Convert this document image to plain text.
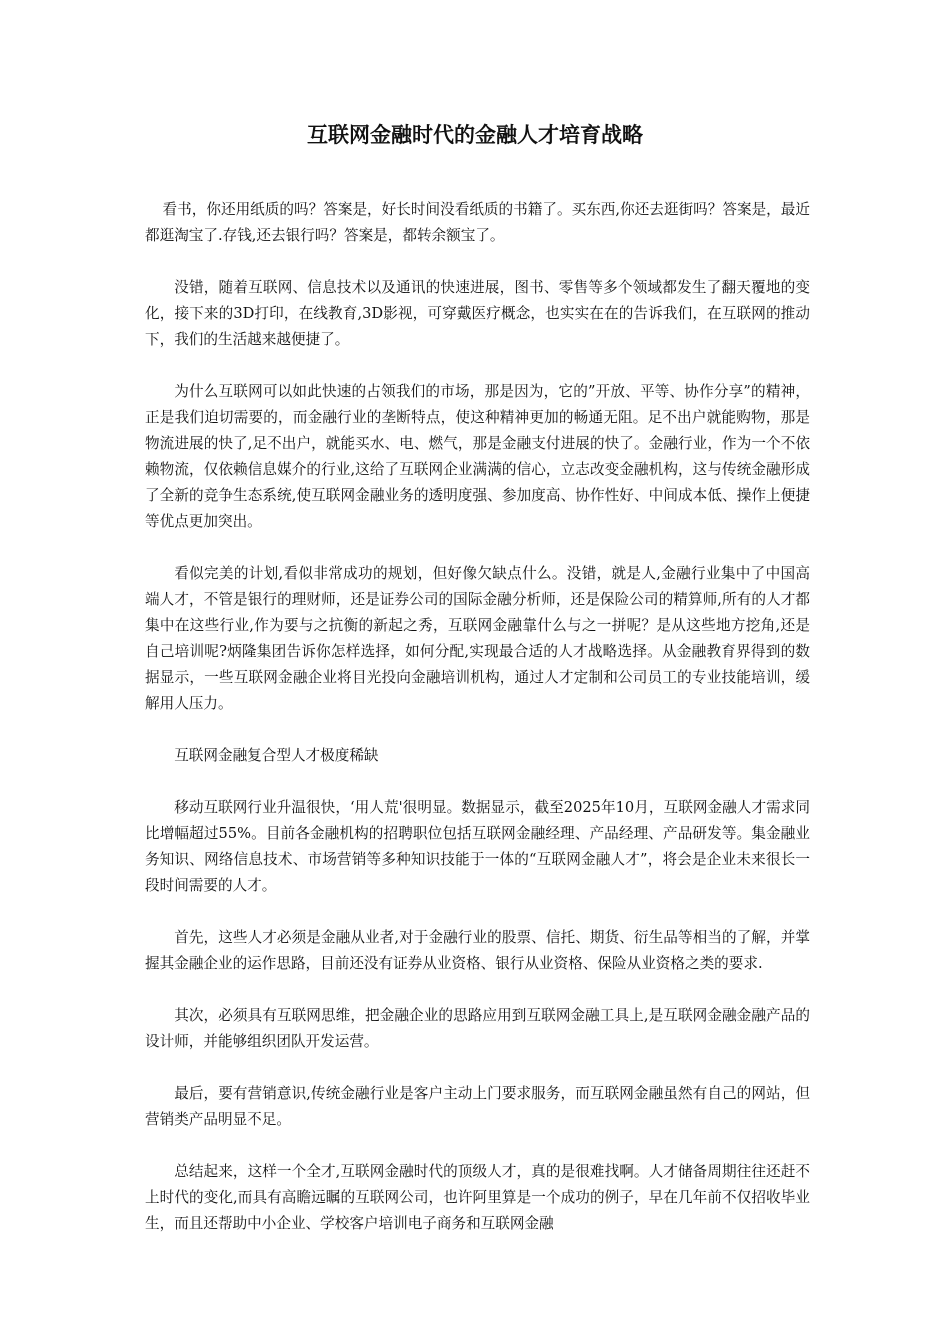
互联网金融时代的金融人才培育战略

看书，你还用纸质的吗？答案是，好长时间没看纸质的书籍了。买东西,你还去逛街吗？答案是，最近都逛淘宝了.存钱,还去银行吗？答案是，都转余额宝了。

没错，随着互联网、信息技术以及通讯的快速进展，图书、零售等多个领域都发生了翻天覆地的变化，接下来的3D打印，在线教育,3D影视，可穿戴医疗概念，也实实在在的告诉我们，在互联网的推动下，我们的生活越来越便捷了。

为什么互联网可以如此快速的占领我们的市场，那是因为，它的”开放、平等、协作分享”的精神，正是我们迫切需要的，而金融行业的垄断特点，使这种精神更加的畅通无阻。足不出户就能购物，那是物流进展的快了,足不出户，就能买水、电、燃气，那是金融支付进展的快了。金融行业，作为一个不依赖物流，仅依赖信息媒介的行业,这给了互联网企业满满的信心，立志改变金融机构，这与传统金融形成了全新的竞争生态系统,使互联网金融业务的透明度强、参加度高、协作性好、中间成本低、操作上便捷等优点更加突出。

看似完美的计划,看似非常成功的规划，但好像欠缺点什么。没错，就是人,金融行业集中了中国高端人才，不管是银行的理财师，还是证券公司的国际金融分析师，还是保险公司的精算师,所有的人才都集中在这些行业,作为要与之抗衡的新起之秀，互联网金融靠什么与之一拼呢？是从这些地方挖角,还是自己培训呢?炳隆集团告诉你怎样选择，如何分配,实现最合适的人才战略选择。从金融教育界得到的数据显示，一些互联网金融企业将目光投向金融培训机构，通过人才定制和公司员工的专业技能培训，缓解用人压力。

互联网金融复合型人才极度稀缺

移动互联网行业升温很快，‘用人荒'很明显。数据显示，截至2025年10月，互联网金融人才需求同比增幅超过55%。目前各金融机构的招聘职位包括互联网金融经理、产品经理、产品研发等。集金融业务知识、网络信息技术、市场营销等多种知识技能于一体的“互联网金融人才”，将会是企业未来很长一段时间需要的人才。

首先，这些人才必须是金融从业者,对于金融行业的股票、信托、期货、衍生品等相当的了解，并掌握其金融企业的运作思路，目前还没有证券从业资格、银行从业资格、保险从业资格之类的要求.

其次，必须具有互联网思维，把金融企业的思路应用到互联网金融工具上,是互联网金融金融产品的设计师，并能够组织团队开发运营。

最后，要有营销意识,传统金融行业是客户主动上门要求服务，而互联网金融虽然有自己的网站，但营销类产品明显不足。

总结起来，这样一个全才,互联网金融时代的顶级人才，真的是很难找啊。人才储备周期往往还赶不上时代的变化,而具有高瞻远瞩的互联网公司，也许阿里算是一个成功的例子，早在几年前不仅招收毕业生，而且还帮助中小企业、学校客户培训电子商务和互联网金融
